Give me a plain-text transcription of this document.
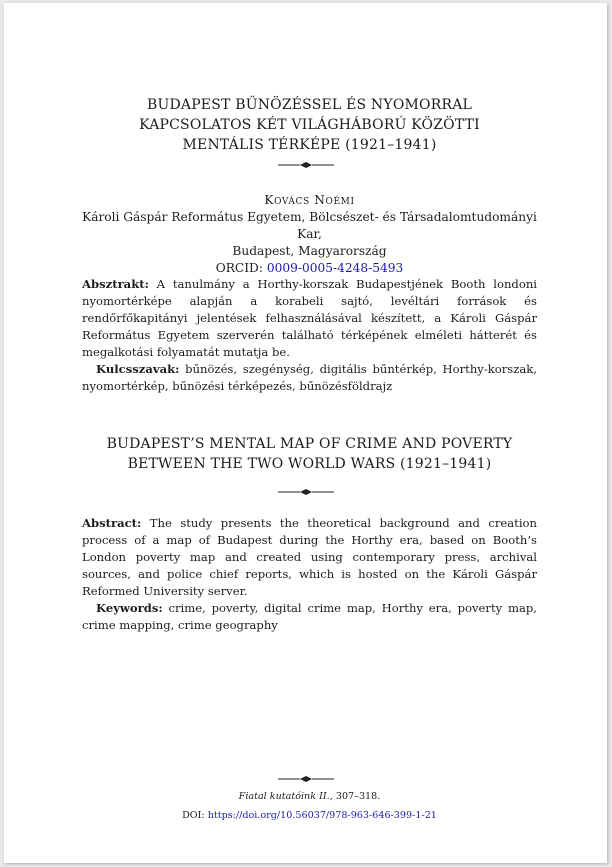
BUDAPEST BŰNÖZÉSSEL ÉS NYOMORRAL
KAPCSOLATOS KÉT VILÁGHÁBORÚ KÖZÖTTI
MENTÁLIS TÉRKÉPE (1921–1941)
Kovács Noémi
Károli Gáspár Református Egyetem, Bölcsészet- és Társadalomtudományi Kar,
Budapest, Magyarország
ORCID: 0009-0005-4248-5493

Absztrakt: A tanulmány a Horthy-korszak Budapestjének Booth londoni nyomortérképe alapján a korabeli sajtó, levéltári források és rendőrfőkapitányi jelentések felhasználásával készített, a Károli Gáspár Református Egyetem szerverén található térképének elméleti hátterét és megalkotási folyamatát mutatja be.

Kulcsszavak: bűnözés, szegénység, digitális bűntérkép, Horthy-korszak, nyomortérkép, bűnözési térképezés, bűnözésföldrajz

BUDAPEST’S MENTAL MAP OF CRIME AND POVERTY
BETWEEN THE TWO WORLD WARS (1921–1941)

Abstract: The study presents the theoretical background and creation process of a map of Budapest during the Horthy era, based on Booth’s London poverty map and created using contemporary press, archival sources, and police chief reports, which is hosted on the Károli Gáspár Reformed University server.

Keywords: crime, poverty, digital crime map, Horthy era, poverty map, crime mapping, crime geography

Fiatal kutatóink II., 307–318.
DOI: https://doi.org/10.56037/978-963-646-399-1-21
